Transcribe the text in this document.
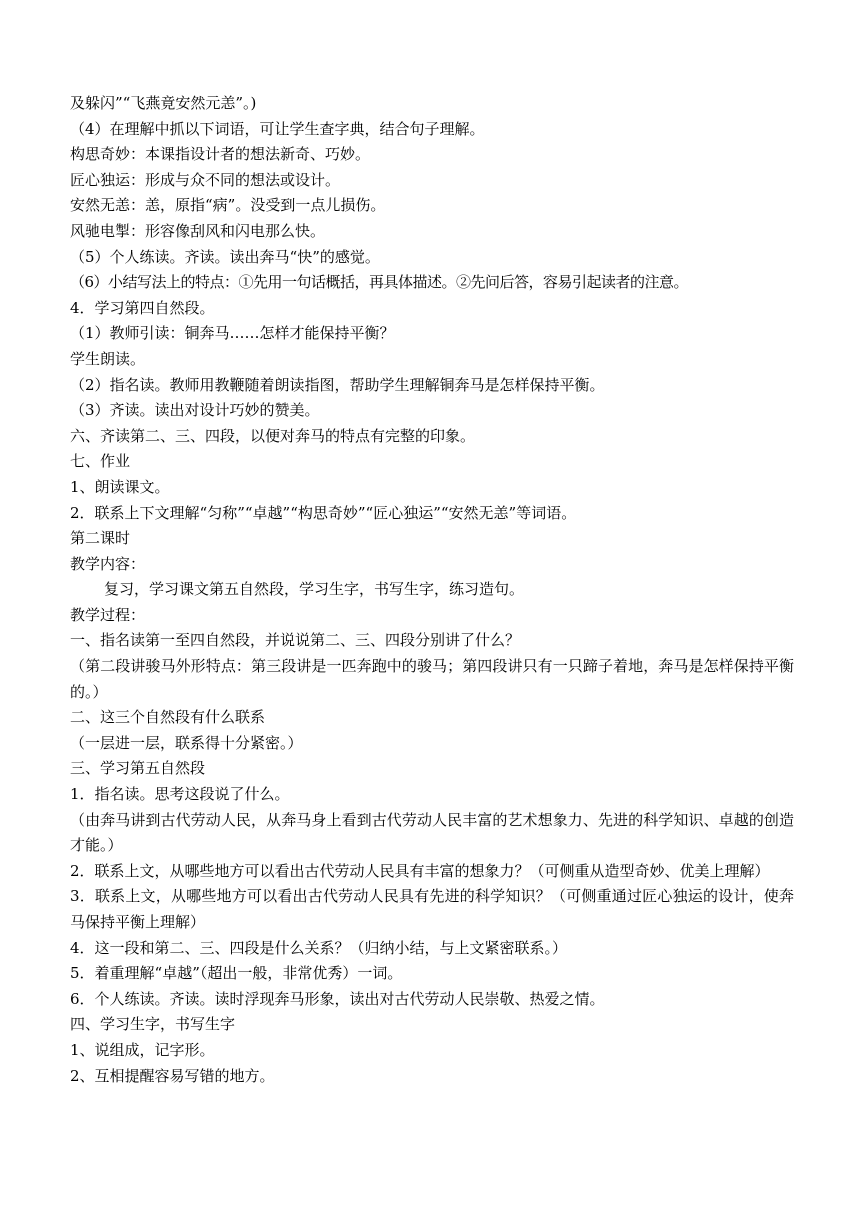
及躲闪”“飞燕竟安然元恙”。)
（4）在理解中抓以下词语，可让学生查字典，结合句子理解。
构思奇妙：本课指设计者的想法新奇、巧妙。
匠心独运：形成与众不同的想法或设计。
安然无恙：恙，原指“病”。没受到一点儿损伤。
风驰电掣：形容像刮风和闪电那么快。
（5）个人练读。齐读。读出奔马“快”的感觉。
（6）小结写法上的特点：①先用一句话概括，再具体描述。②先问后答，容易引起读者的注意。
4．学习第四自然段。
（1）教师引读：铜奔马……怎样才能保持平衡？
学生朗读。
（2）指名读。教师用教鞭随着朗读指图，帮助学生理解铜奔马是怎样保持平衡。
（3）齐读。读出对设计巧妙的赞美。
六、齐读第二、三、四段，以便对奔马的特点有完整的印象。
七、作业
1、朗读课文。
2．联系上下文理解“匀称”“卓越”“构思奇妙”“匠心独运”“安然无恙”等词语。
第二课时
教学内容：
复习，学习课文第五自然段，学习生字，书写生字，练习造句。
教学过程：
一、指名读第一至四自然段，并说说第二、三、四段分别讲了什么？
（第二段讲骏马外形特点：第三段讲是一匹奔跑中的骏马；第四段讲只有一只蹄子着地，奔马是怎样保持平衡的。）
二、这三个自然段有什么联系
（一层进一层，联系得十分紧密。）
三、学习第五自然段
1．指名读。思考这段说了什么。
（由奔马讲到古代劳动人民，从奔马身上看到古代劳动人民丰富的艺术想象力、先进的科学知识、卓越的创造才能。）
2．联系上文，从哪些地方可以看出古代劳动人民具有丰富的想象力？（可侧重从造型奇妙、优美上理解）
3．联系上文，从哪些地方可以看出古代劳动人民具有先进的科学知识？（可侧重通过匠心独运的设计，使奔马保持平衡上理解）
4．这一段和第二、三、四段是什么关系？（归纳小结，与上文紧密联系。）
5．着重理解“卓越”（超出一般，非常优秀）一词。
6．个人练读。齐读。读时浮现奔马形象，读出对古代劳动人民崇敬、热爱之情。
四、学习生字，书写生字
1、说组成，记字形。
2、互相提醒容易写错的地方。
